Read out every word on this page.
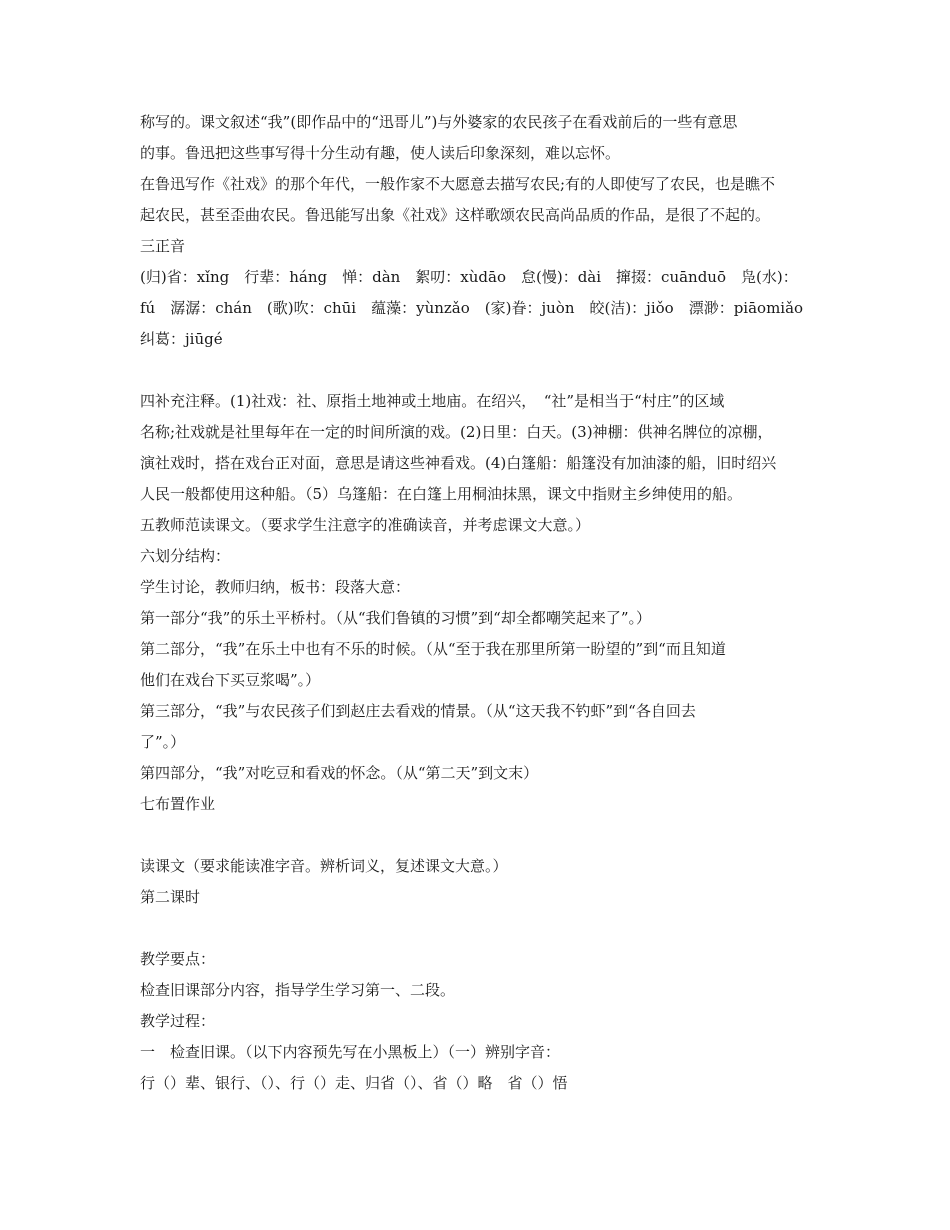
称写的。课文叙述“我”(即作品中的“迅哥儿”)与外婆家的农民孩子在看戏前后的一些有意思
的事。鲁迅把这些事写得十分生动有趣，使人读后印象深刻，难以忘怀。
在鲁迅写作《社戏》的那个年代，一般作家不大愿意去描写农民;有的人即使写了农民，也是瞧不
起农民，甚至歪曲农民。鲁迅能写出象《社戏》这样歌颂农民高尚品质的作品，是很了不起的。
三正音
(归)省：xǐng　行辈：háng　惮：dàn　絮叨：xùdāo　怠(慢)：dài　撺掇：cuānduō　凫(水)：
fú　潺潺：chán　(歌)吹：chūi　蕴藻：yùnzǎo　(家)眷：juòn　皎(洁)：jiǒo　漂渺：piāomiǎo
纠葛：jiūgé
四补充注释。(1)社戏：社、原指土地神或土地庙。在绍兴，　“社”是相当于“村庄”的区域
名称;社戏就是社里每年在一定的时间所演的戏。(2)日里：白天。(3)神棚：供神名牌位的凉棚，
演社戏时，搭在戏台正对面，意思是请这些神看戏。(4)白篷船：船篷没有加油漆的船，旧时绍兴
人民一般都使用这种船。（5）乌篷船：在白篷上用桐油抹黑，课文中指财主乡绅使用的船。
五教师范读课文。（要求学生注意字的准确读音，并考虑课文大意。）
六划分结构：
学生讨论，教师归纳，板书：段落大意：
第一部分“我”的乐土平桥村。（从“我们鲁镇的习惯”到“却全都嘲笑起来了”。）
第二部分，“我”在乐土中也有不乐的时候。（从“至于我在那里所第一盼望的”到“而且知道
他们在戏台下买豆浆喝”。）
第三部分，“我”与农民孩子们到赵庄去看戏的情景。（从“这天我不钓虾”到“各自回去
了”。）
第四部分，“我”对吃豆和看戏的怀念。（从“第二天”到文末）
七布置作业
读课文（要求能读准字音。辨析词义，复述课文大意。）
第二课时
教学要点：
检查旧课部分内容，指导学生学习第一、二段。
教学过程：
一　检查旧课。（以下内容预先写在小黑板上）（一）辨别字音：
行（）辈、银行、（）、行（）走、归省（）、省（）略　省（）悟
